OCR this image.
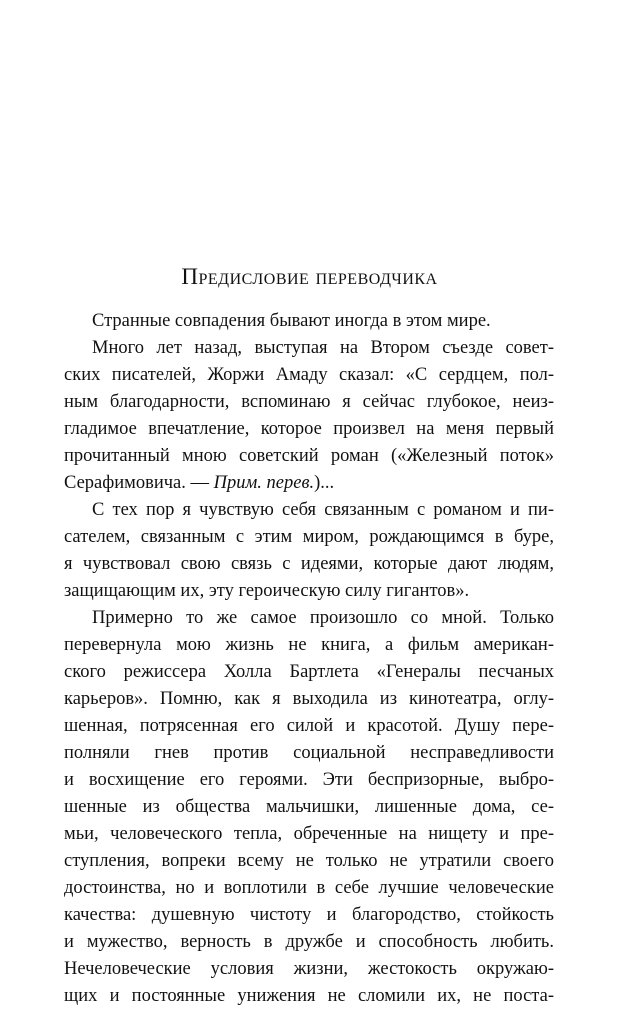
Предисловие переводчика
Странные совпадения бывают иногда в этом мире.
Много лет назад, выступая на Втором съезде совет-
ских писателей, Жоржи Амаду сказал: «С сердцем, пол-
ным благодарности, вспоминаю я сейчас глубокое, неиз-
гладимое впечатление, которое произвел на меня первый
прочитанный мною советский роман («Железный поток»
Серафимовича. — Прим. перев.)...
С тех пор я чувствую себя связанным с романом и пи-
сателем, связанным с этим миром, рождающимся в буре,
я чувствовал свою связь с идеями, которые дают людям,
защищающим их, эту героическую силу гигантов».
Примерно то же самое произошло со мной. Только
перевернула мою жизнь не книга, а фильм американ-
ского режиссера Холла Бартлета «Генералы песчаных
карьеров». Помню, как я выходила из кинотеатра, оглу-
шенная, потрясенная его силой и красотой. Душу пере-
полняли гнев против социальной несправедливости
и восхищение его героями. Эти беспризорные, выбро-
шенные из общества мальчишки, лишенные дома, се-
мьи, человеческого тепла, обреченные на нищету и пре-
ступления, вопреки всему не только не утратили своего
достоинства, но и воплотили в себе лучшие человеческие
качества: душевную чистоту и благородство, стойкость
и мужество, верность в дружбе и способность любить.
Нечеловеческие условия жизни, жестокость окружаю-
щих и постоянные унижения не сломили их, не поста-
